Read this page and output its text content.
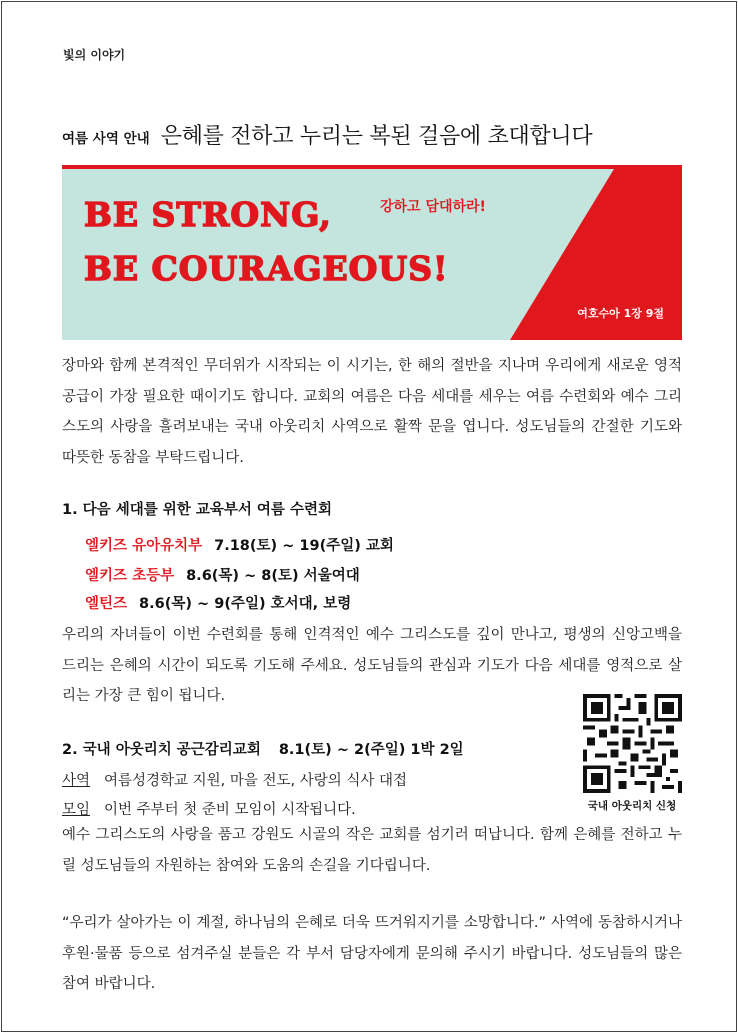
빛의 이야기
여름 사역 안내 은혜를 전하고 누리는 복된 걸음에 초대합니다
BE STRONG,
BE COURAGEOUS!
강하고 담대하라!
여호수아 1장 9절

장마와 함께 본격적인 무더위가 시작되는 이 시기는, 한 해의 절반을 지나며 우리에게 새로운 영적 공급이 가장 필요한 때이기도 합니다. 교회의 여름은 다음 세대를 세우는 여름 수련회와 예수 그리스도의 사랑을 흘려보내는 국내 아웃리치 사역으로 활짝 문을 엽니다. 성도님들의 간절한 기도와 따뜻한 동참을 부탁드립니다.

1. 다음 세대를 위한 교육부서 여름 수련회
엘키즈 유아유치부 7.18(토) ~ 19(주일) 교회
엘키즈 초등부 8.6(목) ~ 8(토) 서울여대
엘틴즈 8.6(목) ~ 9(주일) 호서대, 보령

우리의 자녀들이 이번 수련회를 통해 인격적인 예수 그리스도를 깊이 만나고, 평생의 신앙고백을 드리는 은혜의 시간이 되도록 기도해 주세요. 성도님들의 관심과 기도가 다음 세대를 영적으로 살리는 가장 큰 힘이 됩니다.

국내 아웃리치 신청
2. 국내 아웃리치 공근감리교회 8.1(토) ~ 2(주일) 1박 2일
사역 여름성경학교 지원, 마을 전도, 사랑의 식사 대접
모임 이번 주부터 첫 준비 모임이 시작됩니다.

예수 그리스도의 사랑을 품고 강원도 시골의 작은 교회를 섬기러 떠납니다. 함께 은혜를 전하고 누릴 성도님들의 자원하는 참여와 도움의 손길을 기다립니다.

“우리가 살아가는 이 계절, 하나님의 은혜로 더욱 뜨거워지기를 소망합니다.” 사역에 동참하시거나 후원·물품 등으로 섬겨주실 분들은 각 부서 담당자에게 문의해 주시기 바랍니다. 성도님들의 많은 참여 바랍니다.
